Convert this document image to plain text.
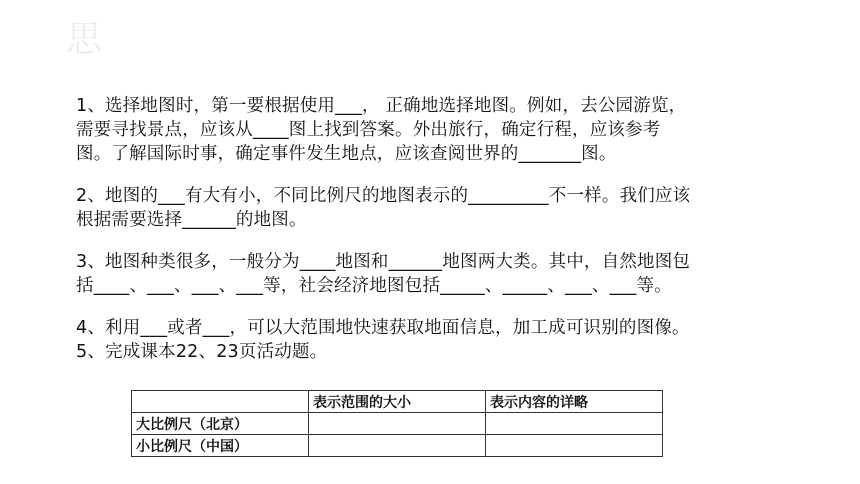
思
1、选择地图时，第一要根据使用___， 正确地选择地图。例如，去公园游览，
需要寻找景点，应该从____图上找到答案。外出旅行，确定行程，应该参考
图。了解国际时事，确定事件发生地点，应该查阅世界的_______图。
2、地图的___有大有小，不同比例尺的地图表示的_________不一样。我们应该
根据需要选择______的地图。
3、地图种类很多，一般分为____地图和______地图两大类。其中，自然地图包
括____、___、___、___等，社会经济地图包括_____、_____、___、___等。
4、利用___或者___，可以大范围地快速获取地面信息，加工成可识别的图像。
5、完成课本22、23页活动题。
	表示范围的大小	表示内容的详略
大比例尺（北京）		
小比例尺（中国）		
